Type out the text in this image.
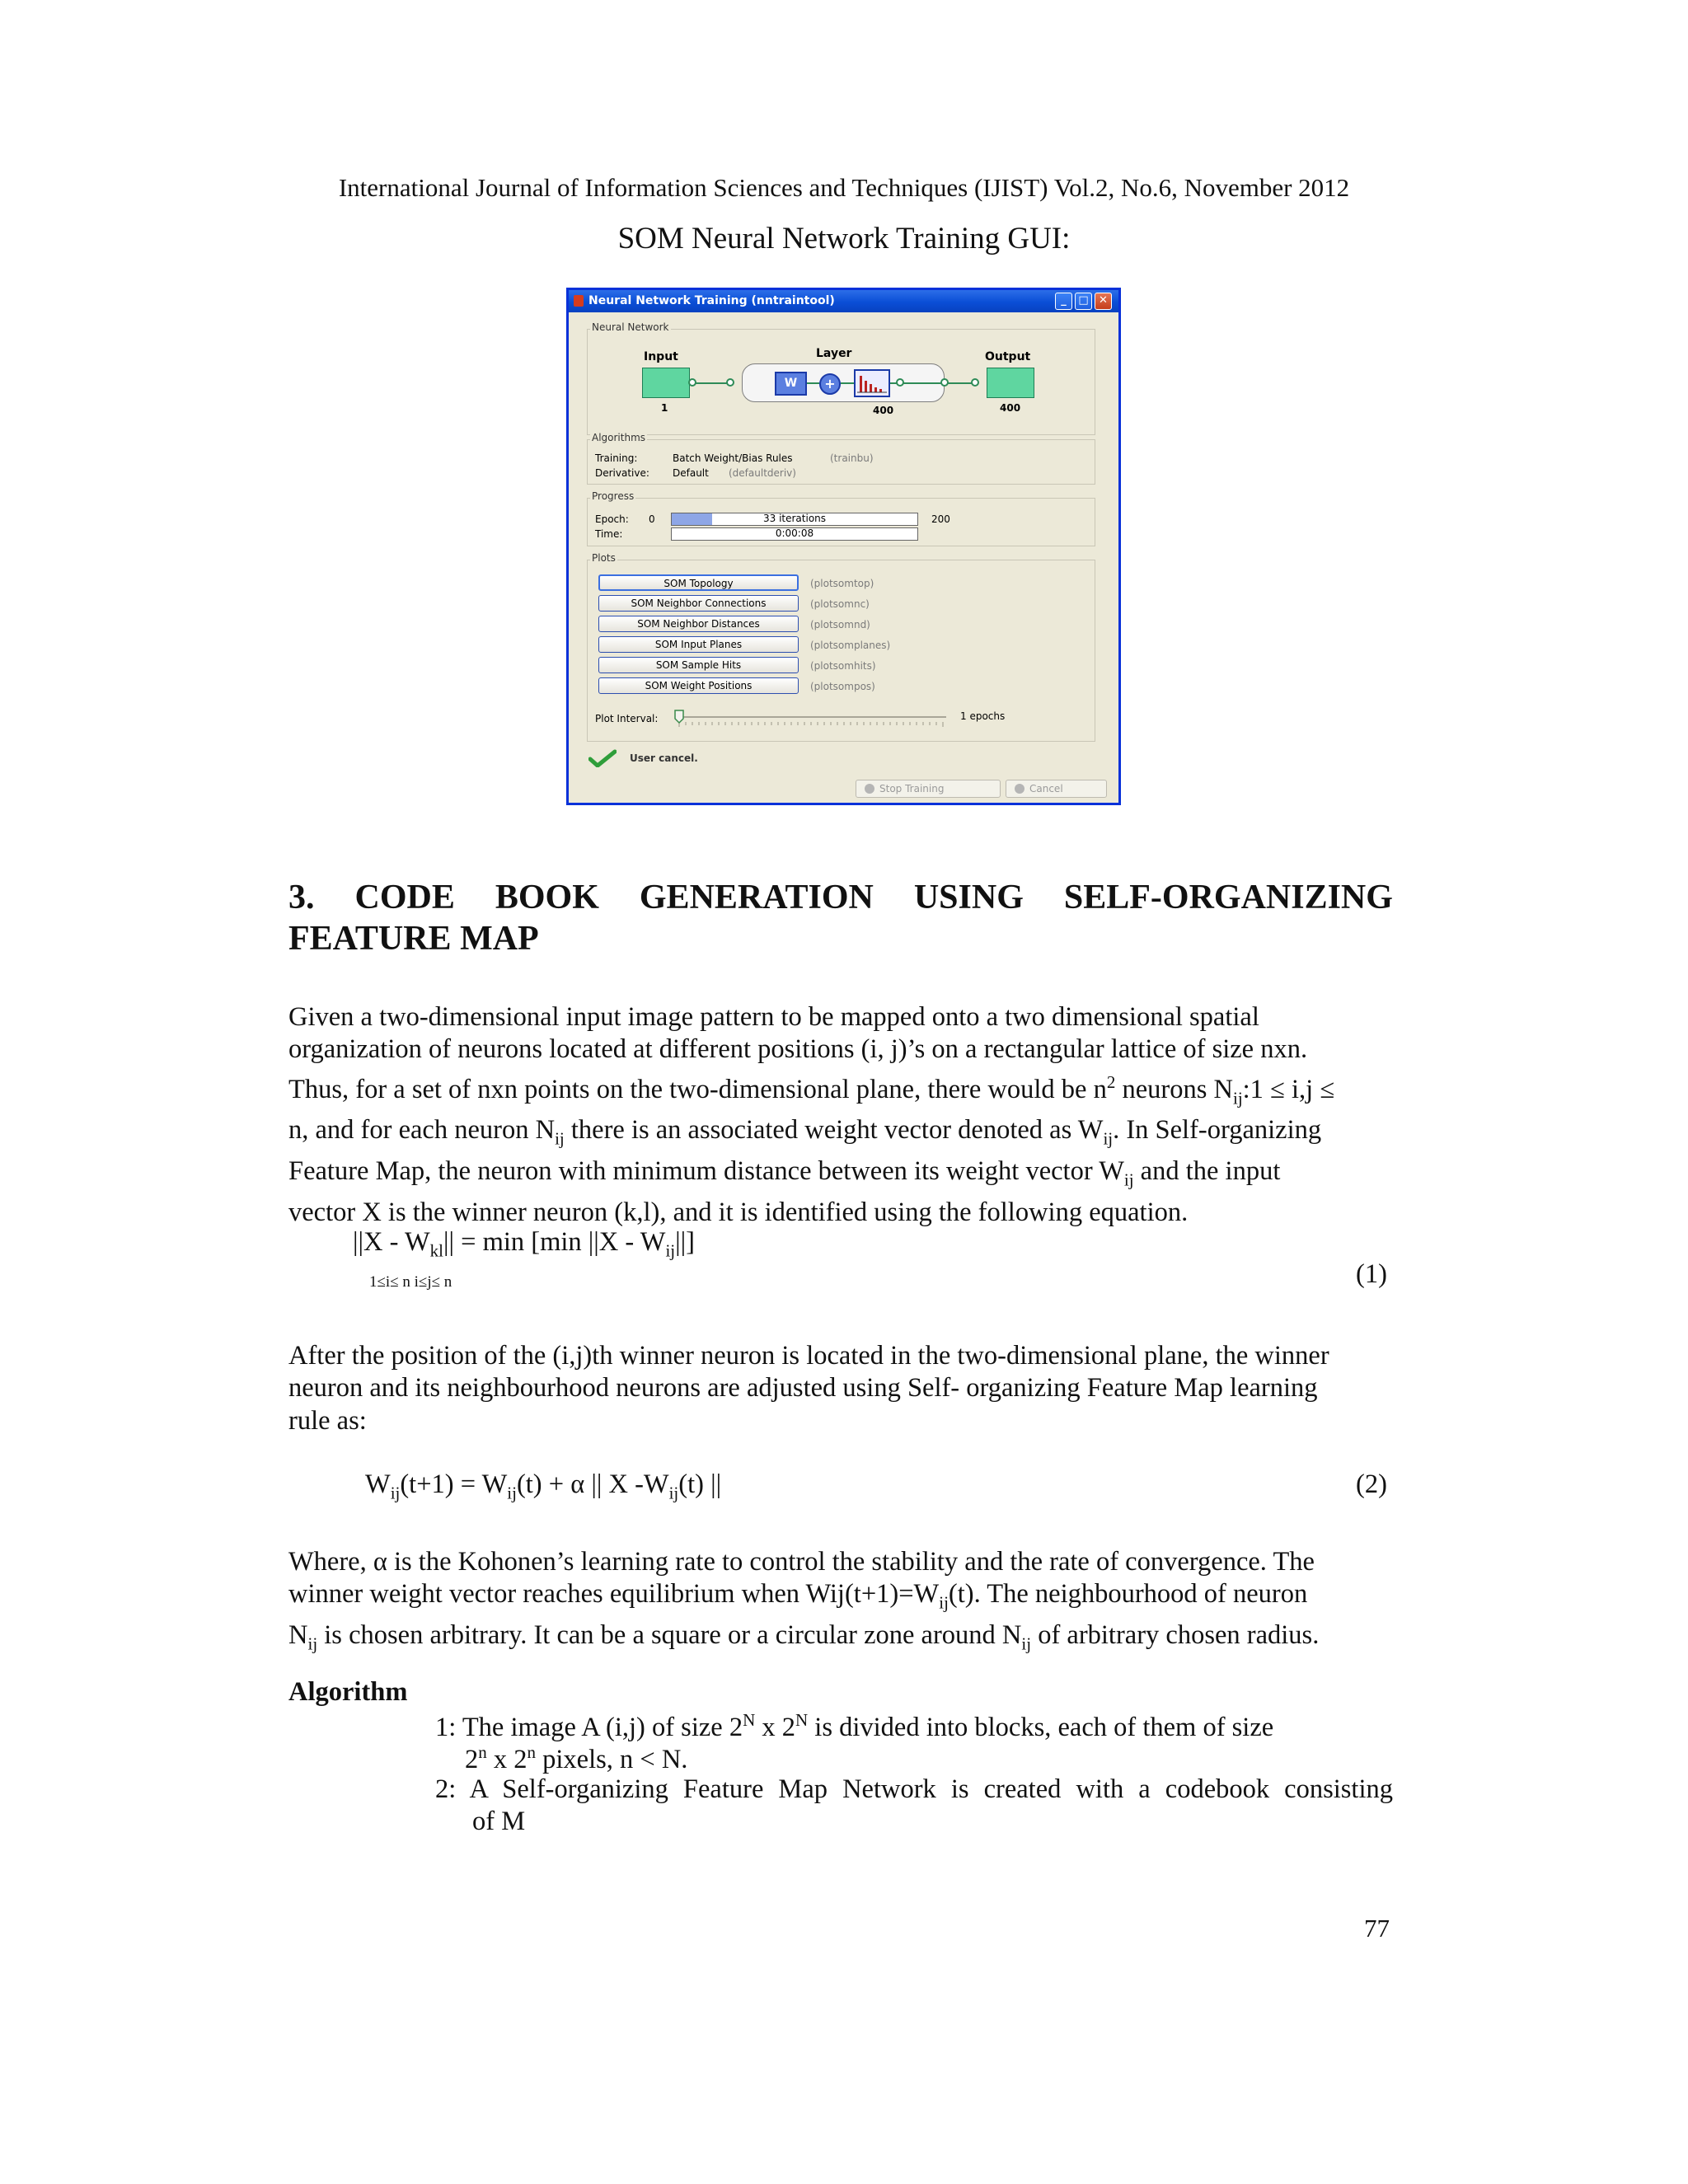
International Journal of Information Sciences and Techniques (IJIST) Vol.2, No.6, November 2012
SOM Neural Network Training GUI:
Neural Network Training (nntraintool)	_	□ ✕
Neural Network
Input
1
Layer
W	+
400
Output
400
Algorithms
Training:	Batch Weight/Bias Rules	(trainbu)
Derivative: Default (defaultderiv)
Progress
Epoch: 0	33 iterations	200
Time:	0:00:08
Plots
SOM Topology	(plotsomtop)
SOM Neighbor Connections	(plotsomnc)
SOM Neighbor Distances	(plotsomnd)
SOM Input Planes	(plotsomplanes)
SOM Sample Hits	(plotsomhits)
SOM Weight Positions	(plotsompos)
Plot Interval:	1 epochs
User cancel.
Stop Training	Cancel
3. CODE BOOK GENERATION USING SELF-ORGANIZING
FEATURE MAP
Given a two-dimensional input image pattern to be mapped onto a two dimensional spatial
organization of neurons located at different positions (i, j)’s on a rectangular lattice of size nxn.
Thus, for a set of nxn points on the two-dimensional plane, there would be $n^2$ neurons $N_{ij}:1 \le i,j$ ≤
n, and for each neuron $N_{ij}$ there is an associated weight vector denoted as $W_{ij}$. In Self-organizing
Feature Map, the neuron with minimum distance between its weight vector $W_{ij}$ and the input
vector X is the winner neuron (k,l), and it is identified using the following equation.
$||X - W_{kl}|| = \min [\min$ $||X - W_{ij}||$]
1≤i≤ n i≤j≤ n	(1)
After the position of the (i,j)th winner neuron is located in the two-dimensional plane, the winner
neuron and its neighbourhood neurons are adjusted using Self- organizing Feature Map learning
rule as:
$W_{ij}(t+1) = W_{ij}(t) + \alpha$ || X $-W_{ij}(t)$ ||	(2)
Where, α is the Kohonen’s learning rate to control the stability and the rate of convergence. The
winner weight vector reaches equilibrium when $Wij(t+1)=W_{ij}(t)$. The neighbourhood of neuron
$N_{ij}$ is chosen arbitrary. It can be a square or a circular zone around $N_{ij}$ of arbitrary chosen radius.
Algorithm
1: The image A (i,j) of size $2^N$ x $2^N$ is divided into blocks, each of them of size
2$^n$ x 2$^n$ pixels, n < N.
2: A Self-organizing Feature Map Network is created with a codebook consisting
of M
77
